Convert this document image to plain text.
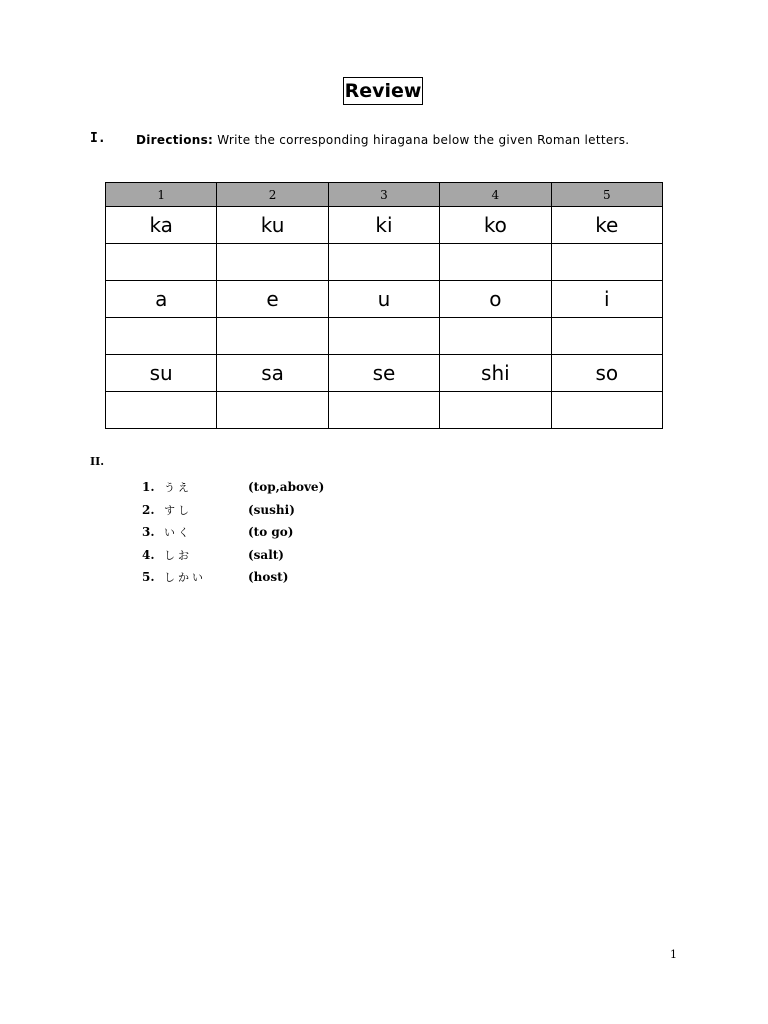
Review
I.	Directions: Write the corresponding hiragana below the given Roman letters.
1	2	3	4	5
ka	ku	ki	ko	ke

a	e	u	o	i

su	sa	se	shi	so

II.
1. うえ	(top,above)
2. すし	(sushi)
3. いく	(to go)
4. しお	(salt)
5. しかい	(host)
1
